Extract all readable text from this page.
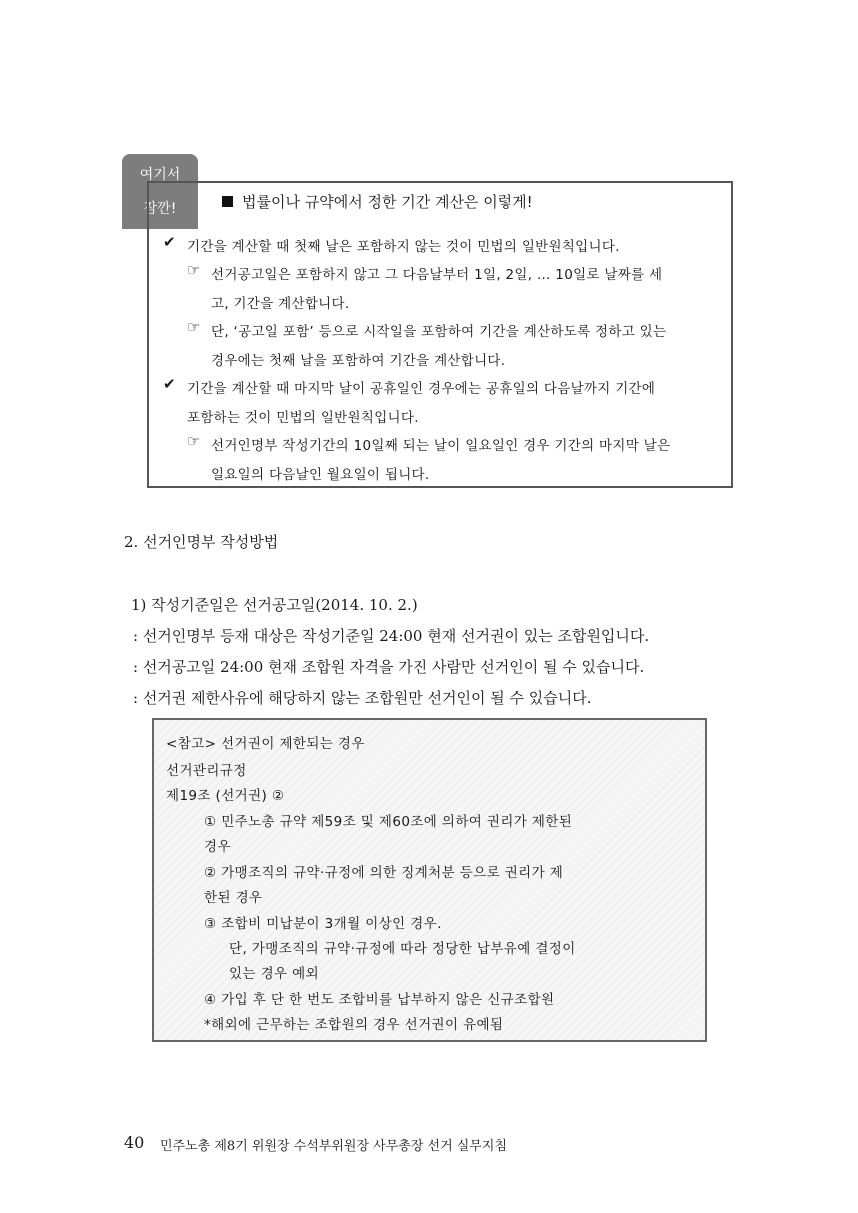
여기서
잠깐!	법률이나 규약에서 정한 기간 계산은 이렇게!
✔ 기간을 계산할 때 첫째 날은 포함하지 않는 것이 민법의 일반원칙입니다.
☞ 선거공고일은 포함하지 않고 그 다음날부터 1일, 2일, … 10일로 날짜를 세
고, 기간을 계산합니다.
☞ 단, ‘공고일 포함’ 등으로 시작일을 포함하여 기간을 계산하도록 정하고 있는
경우에는 첫째 날을 포함하여 기간을 계산합니다.
✔ 기간을 계산할 때 마지막 날이 공휴일인 경우에는 공휴일의 다음날까지 기간에
포함하는 것이 민법의 일반원칙입니다.
☞ 선거인명부 작성기간의 10일째 되는 날이 일요일인 경우 기간의 마지막 날은
일요일의 다음날인 월요일이 됩니다.
2. 선거인명부 작성방법
1) 작성기준일은 선거공고일(2014. 10. 2.)
: 선거인명부 등재 대상은 작성기준일 24:00 현재 선거권이 있는 조합원입니다.
: 선거공고일 24:00 현재 조합원 자격을 가진 사람만 선거인이 될 수 있습니다.
: 선거권 제한사유에 해당하지 않는 조합원만 선거인이 될 수 있습니다.
<참고> 선거권이 제한되는 경우
선거관리규정
제19조 (선거권) ②
① 민주노총 규약 제59조 및 제60조에 의하여 권리가 제한된
경우
② 가맹조직의 규약·규정에 의한 징계처분 등으로 권리가 제
한된 경우
③ 조합비 미납분이 3개월 이상인 경우.
단, 가맹조직의 규약·규정에 따라 정당한 납부유예 결정이
있는 경우 예외
④ 가입 후 단 한 번도 조합비를 납부하지 않은 신규조합원
*해외에 근무하는 조합원의 경우 선거권이 유예됨
40 민주노총 제8기 위원장 수석부위원장 사무총장 선거 실무지침
